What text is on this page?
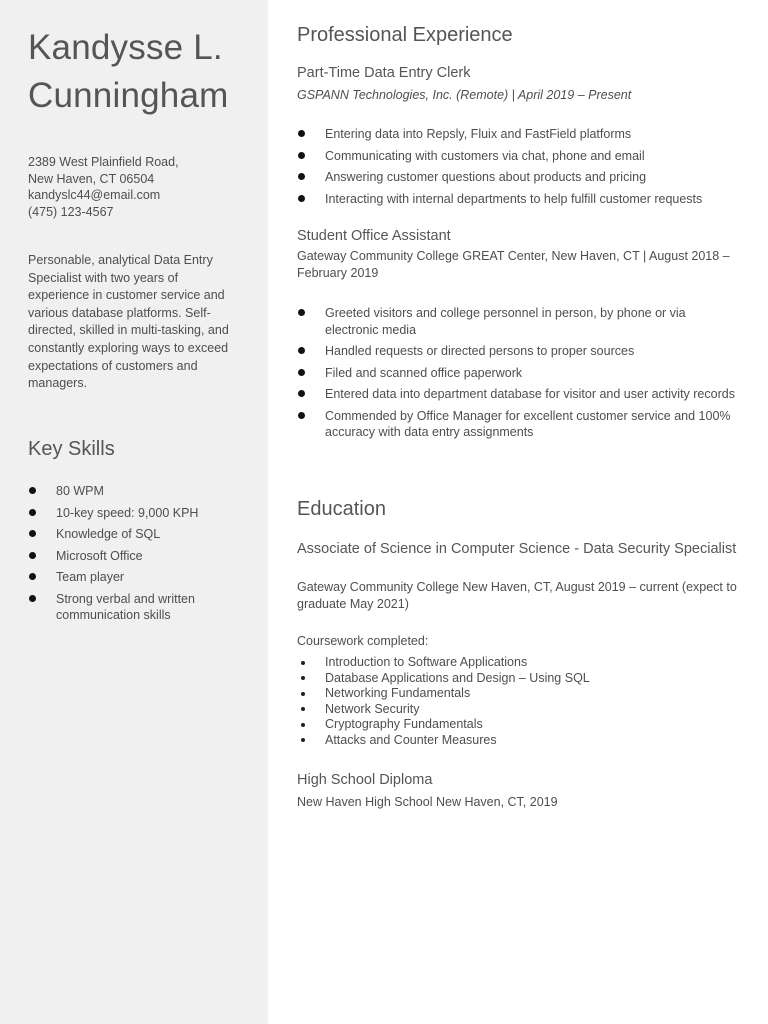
Kandysse L.
Cunningham
2389 West Plainfield Road,
New Haven, CT 06504
kandyslc44@email.com
(475) 123-4567

Personable, analytical Data Entry Specialist with two years of experience in customer service and various database platforms. Self-directed, skilled in multi-tasking, and constantly exploring ways to exceed expectations of customers and managers.

Key Skills
80 WPM
10-key speed: 9,000 KPH
Knowledge of SQL
Microsoft Office
Team player
Strong verbal and written communication skills
Professional Experience
Part-Time Data Entry Clerk
GSPANN Technologies, Inc. (Remote) | April 2019 – Present
Entering data into Repsly, Fluix and FastField platforms
Communicating with customers via chat, phone and email
Answering customer questions about products and pricing
Interacting with internal departments to help fulfill customer requests
Student Office Assistant
Gateway Community College GREAT Center, New Haven, CT | August 2018 – February 2019
Greeted visitors and college personnel in person, by phone or via electronic media
Handled requests or directed persons to proper sources
Filed and scanned office paperwork
Entered data into department database for visitor and user activity records
Commended by Office Manager for excellent customer service and 100% accuracy with data entry assignments
Education
Associate of Science in Computer Science - Data Security Specialist
Gateway Community College New Haven, CT, August 2019 – current (expect to graduate May 2021)
Coursework completed:
Introduction to Software Applications
Database Applications and Design – Using SQL
Networking Fundamentals
Network Security
Cryptography Fundamentals
Attacks and Counter Measures
High School Diploma
New Haven High School New Haven, CT, 2019
